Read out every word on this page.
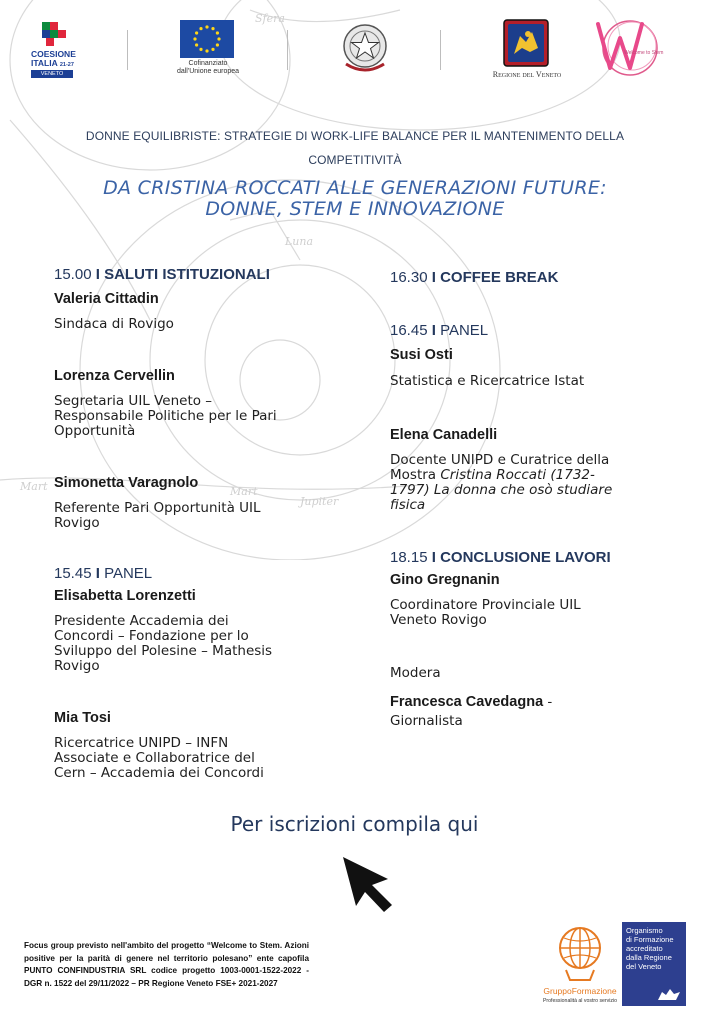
Sfera
Luna
Mart
Mart
Jupiter
COESIONE
ITALIA 21-27
VENETO
Cofinanziato
dall'Unione europea	Regione del Veneto
Welcome to Stem
DONNE EQUILIBRISTE: STRATEGIE DI WORK-LIFE BALANCE PER IL MANTENIMENTO DELLA
COMPETITIVITÀ
DA CRISTINA ROCCATI ALLE GENERAZIONI FUTURE:
DONNE, STEM E INNOVAZIONE
15.00 I SALUTI ISTITUZIONALI
Valeria Cittadin
Sindaca di Rovigo
Lorenza Cervellin
Segretaria UIL Veneto –
Responsabile Politiche per le Pari
Opportunità
Simonetta Varagnolo
Referente Pari Opportunità UIL
Rovigo
15.45 I PANEL
Elisabetta Lorenzetti
Presidente Accademia dei
Concordi – Fondazione per lo
Sviluppo del Polesine – Mathesis
Rovigo
Mia Tosi
Ricercatrice UNIPD – INFN
Associate e Collaboratrice del
Cern – Accademia dei Concordi
16.30 I COFFEE BREAK
16.45 I PANEL
Susi Osti
Statistica e Ricercatrice Istat
Elena Canadelli
Docente UNIPD e Curatrice della
Mostra Cristina Roccati (1732-
1797) La donna che osò studiare
fisica
18.15 I CONCLUSIONE LAVORI
Gino Gregnanin
Coordinatore Provinciale UIL
Veneto Rovigo
Modera
Francesca Cavedagna -
Giornalista
Per iscrizioni compila qui
Focus group previsto nell'ambito del progetto “Welcome to Stem. Azioni positive per la parità di genere nel territorio polesano” ente capofila PUNTO CONFINDUSTRIA SRL codice progetto 1003-0001-1522-2022 - DGR n. 1522 del 29/11/2022 – PR Regione Veneto FSE+ 2021-2027
GruppoFormazione
Professionalità al vostro servizio
Organismo
di Formazione
accreditato
dalla Regione
del Veneto
